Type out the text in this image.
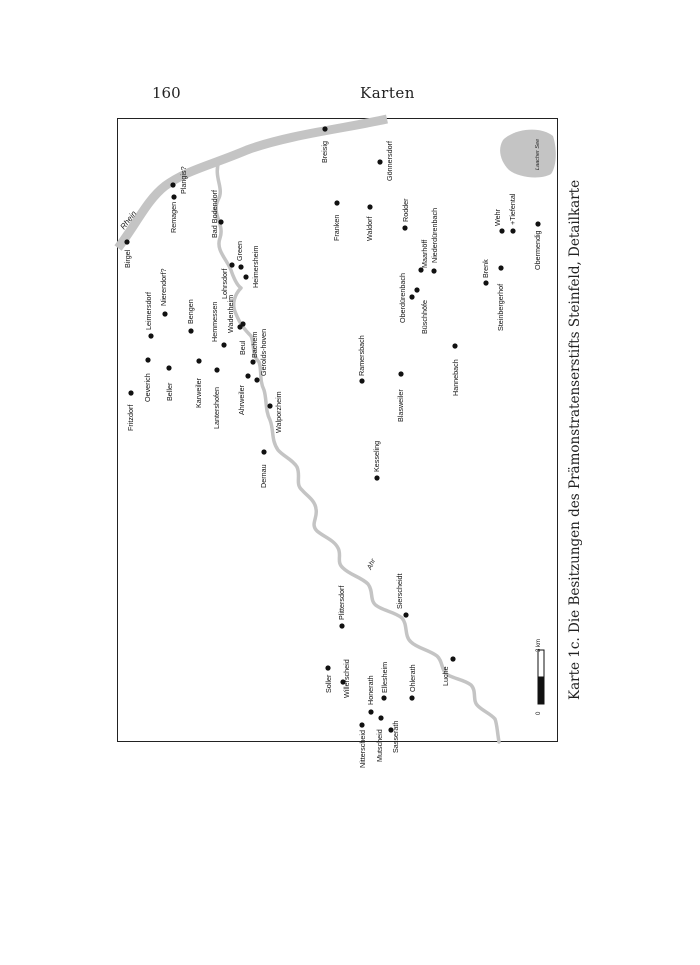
160	Karten
Rhein
Ahr
Laacher See
0
3 km
Birgel
Remagen
Plangis?
Bad Bodendorf
Nierendorf?
Leimersdorf
Oeverich
Fritzdorf
Beller
Bengen
Karweiler Lantershofen
Hemmessen Wadenheim
Beul
Lohrsdorf
Green Heimersheim
Bachem Gerolds-hoven
Ahrweiler	Walporzheim
Dernau
Breisig	Gönnersdorf
Franken	Waldorf
Rodder	Niederdürenbach
Maarhöff
Oberdürenbach Büschhöfe
Ramersbach
Blasweiler
Hannebach
Kesseling
Wehr +Tiefental
Brenk
Steinbergerhof
Obermendig
Plittersdorf	Sierscheidt
Luche
Soller Willerscheid Honerath Ellesheim	Ohlerath
Nitterscheid Mutscheid Sasserath
Karte 1c. Die Besitzungen des Prämonstratenserstifts Steinfeld, Detailkarte
